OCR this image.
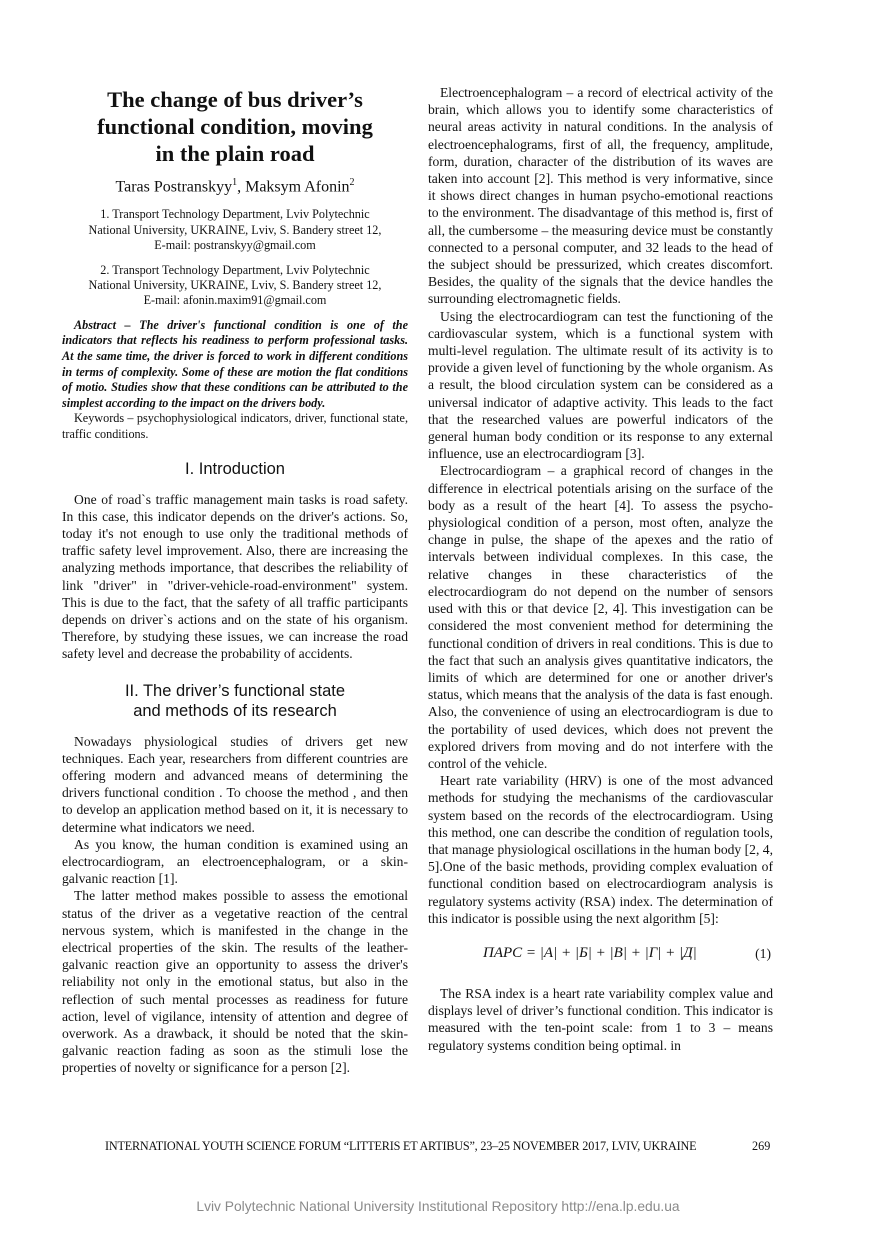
The change of bus driver’s
functional condition, moving
in the plain road
Taras Postranskyy$^1$, Maksym Afonin$^2$
1. Transport Technology Department, Lviv Polytechnic
National University, UKRAINE, Lviv, S. Bandery street 12,
E-mail: postranskyy@gmail.com
2. Transport Technology Department, Lviv Polytechnic
National University, UKRAINE, Lviv, S. Bandery street 12,
E-mail: afonin.maxim91@gmail.com
Abstract – The driver's functional condition is one of the indicators that reflects his readiness to perform professional tasks. At the same time, the driver is forced to work in different conditions in terms of complexity. Some of these are motion the flat conditions of motio. Studies show that these conditions can be attributed to the simplest according to the impact on the drivers body.
Keywords – psychophysiological indicators, driver, functional state, traffic conditions.
I. Introduction

One of road`s traffic management main tasks is road safety. In this case, this indicator depends on the driver's actions. So, today it's not enough to use only the traditional methods of traffic safety level improvement. Also, there are increasing the analyzing methods importance, that describes the reliability of link "driver" in "driver-vehicle-road-environment" system. This is due to the fact, that the safety of all traffic participants depends on driver`s actions and on the state of his organism. Therefore, by studying these issues, we can increase the road safety level and decrease the probability of accidents.

II. The driver’s functional state
and methods of its research

Nowadays physiological studies of drivers get new techniques. Each year, researchers from different countries are offering modern and advanced means of determining the drivers functional condition . To choose the method , and then to develop an application method based on it, it is necessary to determine what indicators we need.

As you know, the human condition is examined using an electrocardiogram, an electroencephalogram, or a skin-galvanic reaction [1].

The latter method makes possible to assess the emotional status of the driver as a vegetative reaction of the central nervous system, which is manifested in the change in the electrical properties of the skin. The results of the leather-galvanic reaction give an opportunity to assess the driver's reliability not only in the emotional status, but also in the reflection of such mental processes as readiness for future action, level of vigilance, intensity of attention and degree of overwork. As a drawback, it should be noted that the skin-galvanic reaction fading as soon as the stimuli lose the properties of novelty or significance for a person [2].

Electroencephalogram – a record of electrical activity of the brain, which allows you to identify some characteristics of neural areas activity in natural conditions. In the analysis of electroencephalograms, first of all, the frequency, amplitude, form, duration, character of the distribution of its waves are taken into account [2]. This method is very informative, since it shows direct changes in human psycho-emotional reactions to the environment. The disadvantage of this method is, first of all, the cumbersome – the measuring device must be constantly connected to a personal computer, and 32 leads to the head of the subject should be pressurized, which creates discomfort. Besides, the quality of the signals that the device handles the surrounding electromagnetic fields.

Using the electrocardiogram can test the functioning of the cardiovascular system, which is a functional system with multi-level regulation. The ultimate result of its activity is to provide a given level of functioning by the whole organism. As a result, the blood circulation system can be considered as a universal indicator of adaptive activity. This leads to the fact that the researched values are powerful indicators of the general human body condition or its response to any external influence, use an electrocardiogram [3].

Electrocardiogram – a graphical record of changes in the difference in electrical potentials arising on the surface of the body as a result of the heart [4]. To assess the psycho-physiological condition of a person, most often, analyze the change in pulse, the shape of the apexes and the ratio of intervals between individual complexes. In this case, the relative changes in these characteristics of the electrocardiogram do not depend on the number of sensors used with this or that device [2, 4]. This investigation can be considered the most convenient method for determining the functional condition of drivers in real conditions. This is due to the fact that such an analysis gives quantitative indicators, the limits of which are determined for one or another driver's status, which means that the analysis of the data is fast enough. Also, the convenience of using an electrocardiogram is due to the portability of used devices, which does not prevent the explored drivers from moving and do not interfere with the control of the vehicle.

Heart rate variability (HRV) is one of the most advanced methods for studying the mechanisms of the cardiovascular system based on the records of the electrocardiogram. Using this method, one can describe the condition of regulation tools, that manage physiological oscillations in the human body [2, 4, 5].One of the basic methods, providing complex evaluation of functional condition based on electrocardiogram analysis is regulatory systems activity (RSA) index. The determination of this indicator is possible using the next algorithm [5]:

ПАРС = |А| + |Б| + |В| + |Г| + |Д|	(1)

The RSA index is a heart rate variability complex value and displays level of driver’s functional condition. This indicator is measured with the ten-point scale: from 1 to 3 – means regulatory systems condition being optimal. in

INTERNATIONAL YOUTH SCIENCE FORUM “LITTERIS ET ARTIBUS”, 23–25 NOVEMBER 2017, LVIV, UKRAINE	269
Lviv Polytechnic National University Institutional Repository http://ena.lp.edu.ua
